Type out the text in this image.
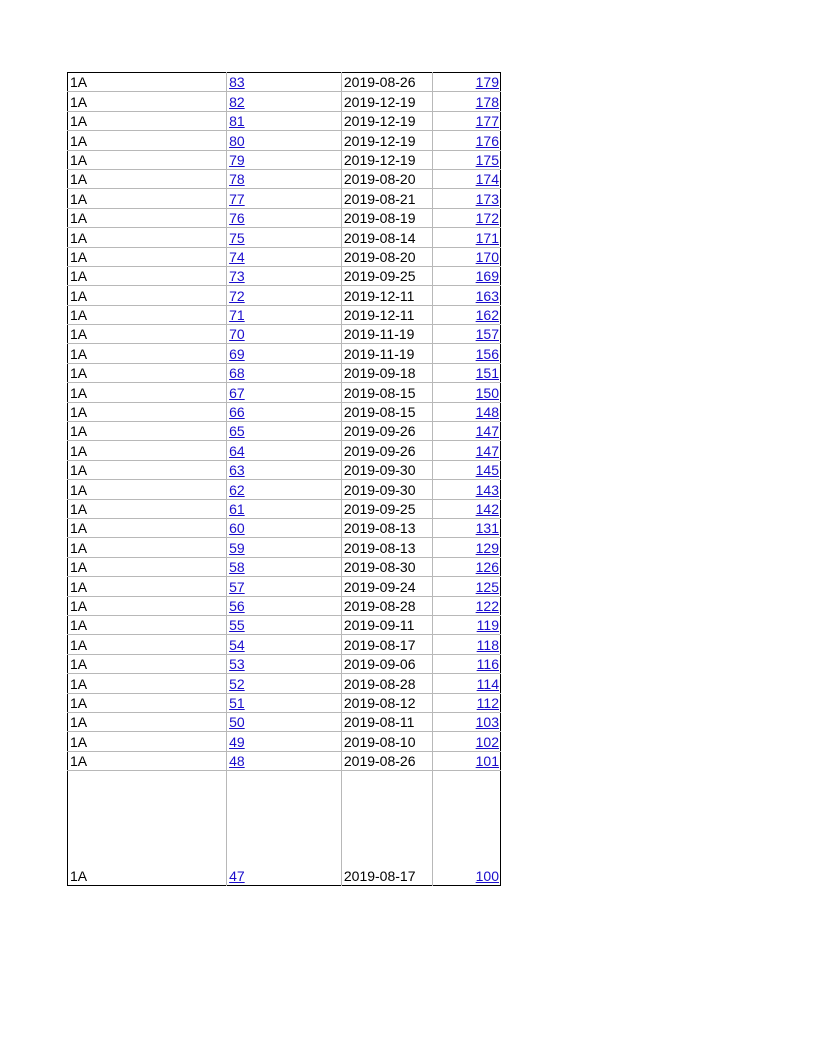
1A	83	2019-08-26	179
1A	82	2019-12-19	178
1A	81	2019-12-19	177
1A	80	2019-12-19	176
1A	79	2019-12-19	175
1A	78	2019-08-20	174
1A	77	2019-08-21	173
1A	76	2019-08-19	172
1A	75	2019-08-14	171
1A	74	2019-08-20	170
1A	73	2019-09-25	169
1A	72	2019-12-11	163
1A	71	2019-12-11	162
1A	70	2019-11-19	157
1A	69	2019-11-19	156
1A	68	2019-09-18	151
1A	67	2019-08-15	150
1A	66	2019-08-15	148
1A	65	2019-09-26	147
1A	64	2019-09-26	147
1A	63	2019-09-30	145
1A	62	2019-09-30	143
1A	61	2019-09-25	142
1A	60	2019-08-13	131
1A	59	2019-08-13	129
1A	58	2019-08-30	126
1A	57	2019-09-24	125
1A	56	2019-08-28	122
1A	55	2019-09-11	119
1A	54	2019-08-17	118
1A	53	2019-09-06	116
1A	52	2019-08-28	114
1A	51	2019-08-12	112
1A	50	2019-08-11	103
1A	49	2019-08-10	102
1A	48	2019-08-26	101
1A	47	2019-08-17	100
